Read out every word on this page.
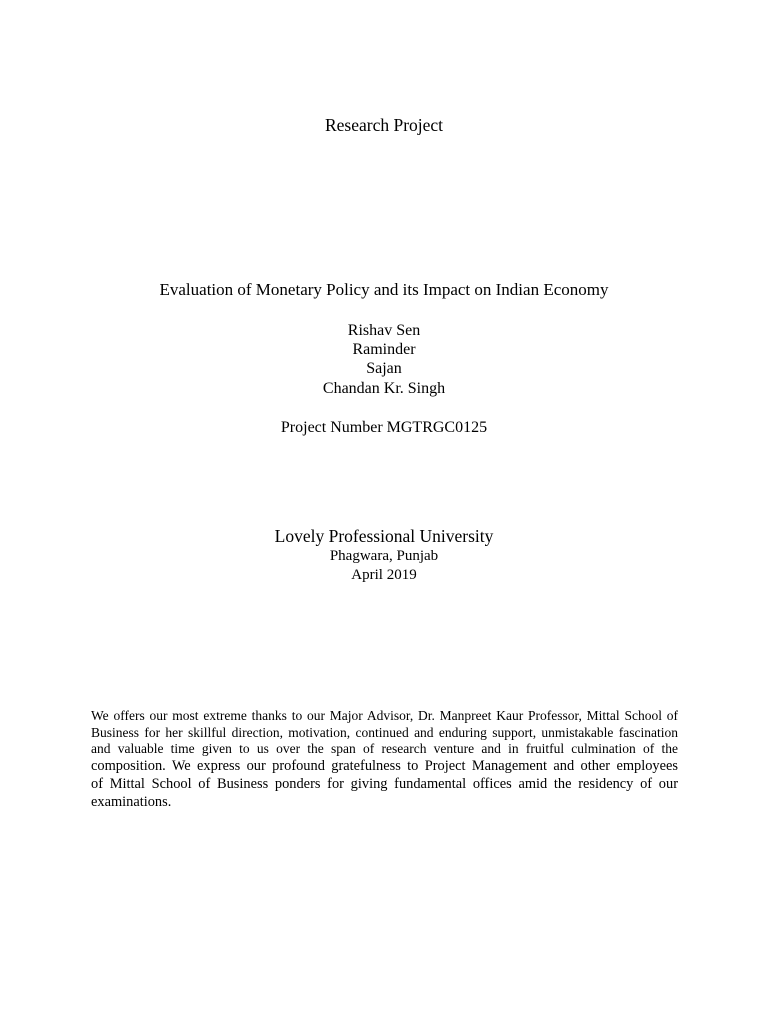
Research Project
Evaluation of Monetary Policy and its Impact on Indian Economy
Rishav Sen
Raminder
Sajan
Chandan Kr. Singh
Project Number MGTRGC0125
Lovely Professional University
Phagwara, Punjab
April 2019
We offers our most extreme thanks to our Major Advisor, Dr. Manpreet Kaur Professor, Mittal School of
Business for her skillful direction, motivation, continued and enduring support, unmistakable fascination
and valuable time given to us over the span of research venture and in fruitful culmination of the
composition. We express our profound gratefulness to Project Management and other employees
of Mittal School of Business ponders for giving fundamental offices amid the residency of our
examinations.
